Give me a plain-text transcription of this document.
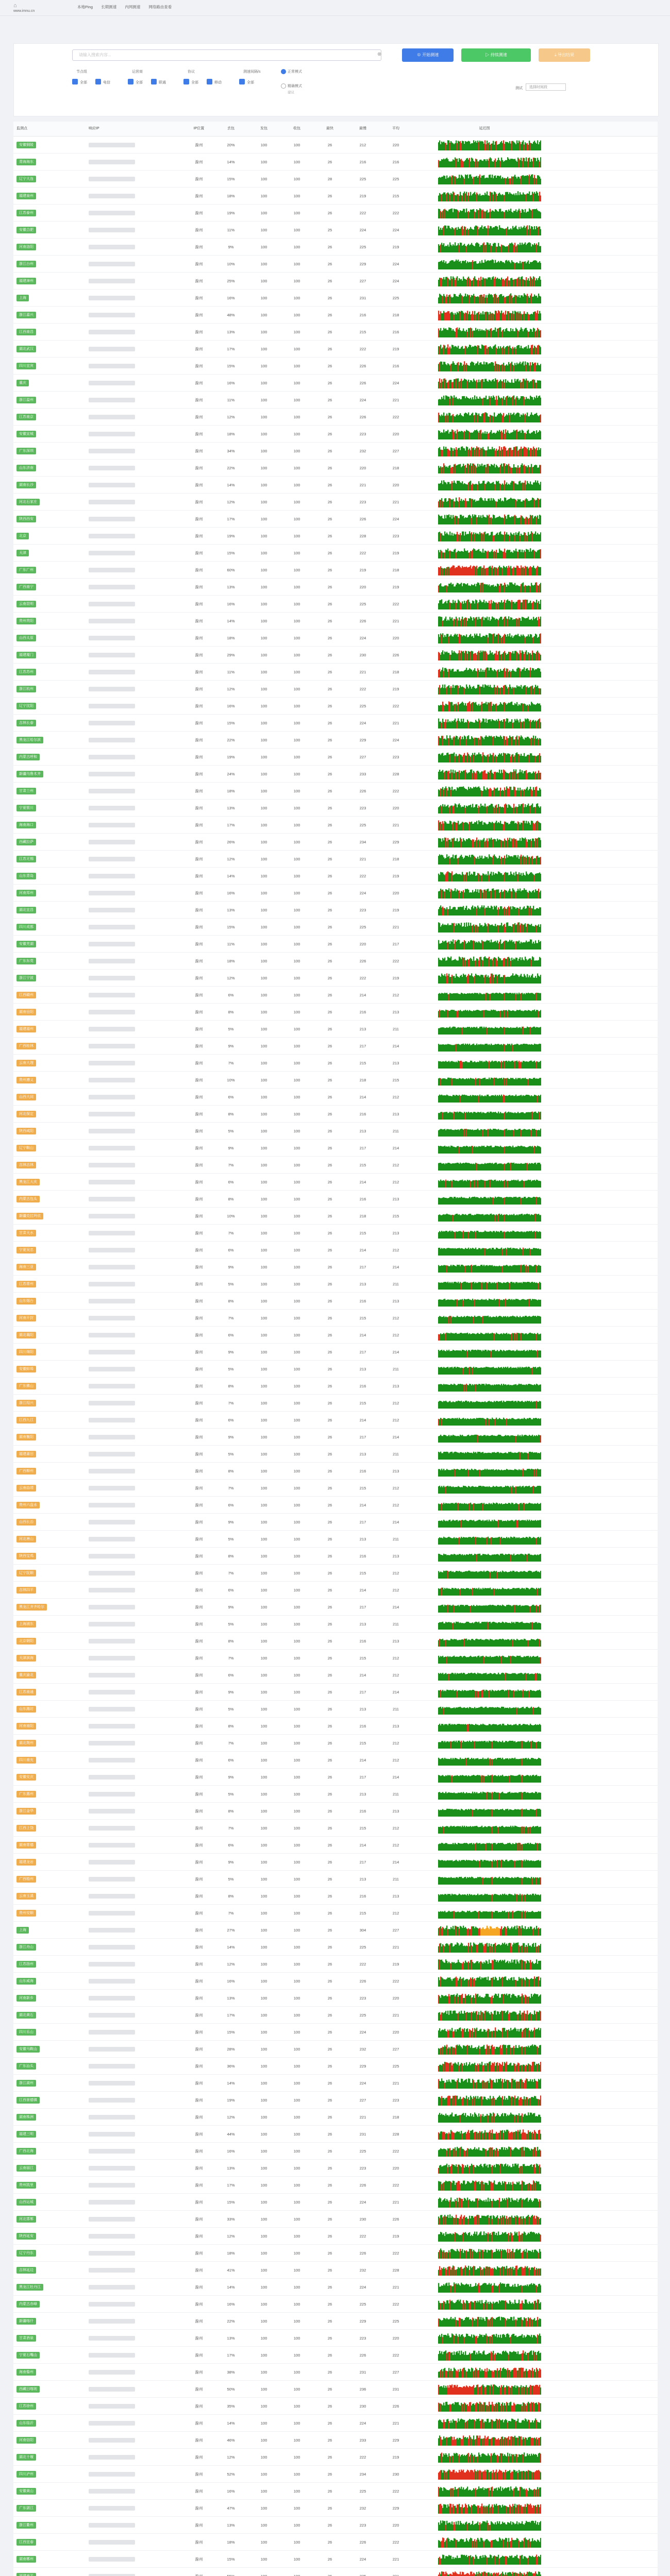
⌂
www.imnu.cn
本地Ping 长期测速 内网测速 网络路由查看
请输入搜索内容...	⊗	⊕ 开始测速	▷ 持续测速	⤓ 导出结果
节点组	运营商	协议	测速间隔/s
全部	电信	全部	联通	全部	移动	全部
正常模式
精确模式
建议
测试	选择时间段
监测点	响应IP	IP位置	丢包	发包	收包	最快	最慢	平均	延迟图
安徽铜陵	滁州	20%	100	100	26	212	220
青海海东	滁州	14%	100	100	26	216	216
辽宁大连	滁州	15%	100	100	28	225	225
福建泉州	滁州	18%	100	100	26	219	215
江苏泰州	滁州	19%	100	100	26	222	222
安徽合肥	滁州	11%	100	100	25	224	224
河南洛阳	滁州	9%	100	100	26	225	219
浙江台州	滁州	10%	100	100	26	229	224
福建漳州	滁州	25%	100	100	26	227	224
上海	滁州	16%	100	100	26	231	225
浙江嘉兴	滁州	48%	100	100	26	216	218
江西南昌	滁州	13%	100	100	26	215	216
湖北武汉	滁州	17%	100	100	26	222	219
四川宜宾	滁州	15%	100	100	26	226	216
重庆	滁州	16%	100	100	26	226	224
浙江温州	滁州	11%	100	100	26	224	221
江苏南京	滁州	12%	100	100	26	226	222
安徽宣城	滁州	18%	100	100	26	223	220
广东深圳	滁州	34%	100	100	26	232	227
山东济南	滁州	22%	100	100	26	220	218
湖南长沙	滁州	14%	100	100	26	221	220
河北石家庄	滁州	12%	100	100	26	223	221
陕西西安	滁州	17%	100	100	26	226	224
北京	滁州	19%	100	100	26	228	223
天津	滁州	15%	100	100	26	222	219
广东广州	滁州	60%	100	100	26	219	218
广西南宁	滁州	13%	100	100	26	220	219
云南昆明	滁州	16%	100	100	26	225	222
贵州贵阳	滁州	14%	100	100	26	226	221
山西太原	滁州	18%	100	100	26	224	220
福建厦门	滁州	29%	100	100	26	230	226
江苏苏州	滁州	11%	100	100	26	221	218
浙江杭州	滁州	12%	100	100	26	222	219
辽宁沈阳	滁州	16%	100	100	26	225	222
吉林长春	滁州	15%	100	100	26	224	221
黑龙江哈尔滨	滁州	22%	100	100	26	229	224
内蒙古呼和	滁州	19%	100	100	26	227	223
新疆乌鲁木齐	滁州	24%	100	100	26	233	228
甘肃兰州	滁州	18%	100	100	26	226	222
宁夏银川	滁州	13%	100	100	26	223	220
海南海口	滁州	17%	100	100	26	225	221
西藏拉萨	滁州	26%	100	100	26	234	229
江苏无锡	滁州	12%	100	100	26	221	218
山东青岛	滁州	14%	100	100	26	222	219
河南郑州	滁州	16%	100	100	26	224	220
湖北宜昌	滁州	13%	100	100	26	223	219
四川成都	滁州	15%	100	100	26	225	221
安徽芜湖	滁州	11%	100	100	26	220	217
广东东莞	滁州	18%	100	100	26	226	222
浙江宁波	滁州	12%	100	100	26	222	219
江西赣州	滁州	6%	100	100	26	214	212
湖南岳阳	滁州	8%	100	100	26	216	213
福建福州	滁州	5%	100	100	26	213	211
广西桂林	滁州	9%	100	100	26	217	214
云南大理	滁州	7%	100	100	26	215	213
贵州遵义	滁州	10%	100	100	26	218	215
山西大同	滁州	6%	100	100	26	214	212
河北保定	滁州	8%	100	100	26	216	213
陕西咸阳	滁州	5%	100	100	26	213	211
辽宁鞍山	滁州	9%	100	100	26	217	214
吉林吉林	滁州	7%	100	100	26	215	212
黑龙江大庆	滁州	6%	100	100	26	214	212
内蒙古包头	滁州	8%	100	100	26	216	213
新疆克拉玛依	滁州	10%	100	100	26	218	215
甘肃天水	滁州	7%	100	100	26	215	213
宁夏吴忠	滁州	6%	100	100	26	214	212
海南三亚	滁州	9%	100	100	26	217	214
江苏常州	滁州	5%	100	100	26	213	211
山东烟台	滁州	8%	100	100	26	216	213
河南开封	滁州	7%	100	100	26	215	212
湖北襄阳	滁州	6%	100	100	26	214	212
四川绵阳	滁州	9%	100	100	26	217	214
安徽蚌埠	滁州	5%	100	100	26	213	211
广东佛山	滁州	8%	100	100	26	216	213
浙江绍兴	滁州	7%	100	100	26	215	212
江西九江	滁州	6%	100	100	26	214	212
湖南衡阳	滁州	9%	100	100	26	217	214
福建莆田	滁州	5%	100	100	26	213	211
广西柳州	滁州	8%	100	100	26	216	213
云南曲靖	滁州	7%	100	100	26	215	212
贵州六盘水	滁州	6%	100	100	26	214	212
山西长治	滁州	9%	100	100	26	217	214
河北唐山	滁州	5%	100	100	26	213	211
陕西宝鸡	滁州	8%	100	100	26	216	213
辽宁抚顺	滁州	7%	100	100	26	215	212
吉林四平	滁州	6%	100	100	26	214	212
黑龙江齐齐哈尔	滁州	9%	100	100	26	217	214
上海浦东	滁州	5%	100	100	26	213	211
北京朝阳	滁州	8%	100	100	26	216	213
天津滨海	滁州	7%	100	100	26	215	212
重庆渝北	滁州	6%	100	100	26	214	212
江苏南通	滁州	9%	100	100	26	217	214
山东潍坊	滁州	5%	100	100	26	213	211
河南南阳	滁州	8%	100	100	26	216	213
湖北荆州	滁州	7%	100	100	26	215	212
四川南充	滁州	6%	100	100	26	214	212
安徽安庆	滁州	9%	100	100	26	217	214
广东惠州	滁州	5%	100	100	26	213	211
浙江金华	滁州	8%	100	100	26	216	213
江西上饶	滁州	7%	100	100	26	215	212
湖南常德	滁州	6%	100	100	26	214	212
福建龙岩	滁州	9%	100	100	26	217	214
广西梧州	滁州	5%	100	100	26	213	211
云南玉溪	滁州	8%	100	100	26	216	213
贵州安顺	滁州	7%	100	100	26	215	212
上海	滁州	27%	100	100	26	304	227
浙江舟山	滁州	14%	100	100	26	225	221
江苏扬州	滁州	12%	100	100	26	222	219
山东威海	滁州	16%	100	100	26	226	222
河南新乡	滁州	13%	100	100	26	223	220
湖北黄石	滁州	17%	100	100	26	225	221
四川乐山	滁州	15%	100	100	26	224	220
安徽马鞍山	滁州	28%	100	100	26	232	227
广东汕头	滁州	36%	100	100	26	229	225
浙江湖州	滁州	14%	100	100	26	224	221
江西景德镇	滁州	19%	100	100	26	227	223
湖南株洲	滁州	12%	100	100	26	221	218
福建三明	滁州	44%	100	100	26	231	228
广西北海	滁州	16%	100	100	26	225	222
云南丽江	滁州	13%	100	100	26	223	220
贵州凯里	滁州	17%	100	100	26	226	222
山西运城	滁州	15%	100	100	26	224	221
河北邯郸	滁州	33%	100	100	26	230	226
陕西延安	滁州	12%	100	100	26	222	219
辽宁丹东	滁州	18%	100	100	26	226	222
吉林延边	滁州	41%	100	100	26	232	228
黑龙江牡丹江	滁州	14%	100	100	26	224	221
内蒙古赤峰	滁州	16%	100	100	26	225	222
新疆喀什	滁州	22%	100	100	26	229	225
甘肃酒泉	滁州	13%	100	100	26	223	220
宁夏石嘴山	滁州	17%	100	100	26	226	222
海南儋州	滁州	38%	100	100	26	231	227
西藏日喀则	滁州	50%	100	100	26	236	231
江苏徐州	滁州	35%	100	100	26	230	226
山东临沂	滁州	14%	100	100	26	224	221
河南信阳	滁州	46%	100	100	26	233	229
湖北十堰	滁州	12%	100	100	26	222	219
四川泸州	滁州	52%	100	100	26	234	230
安徽黄山	滁州	16%	100	100	26	225	222
广东湛江	滁州	47%	100	100	26	232	229
浙江衢州	滁州	13%	100	100	26	223	220
江西宜春	滁州	18%	100	100	26	226	222
湖南郴州	滁州	15%	100	100	26	224	221
福建南平	滁州	55%	100	100	26	235	231
